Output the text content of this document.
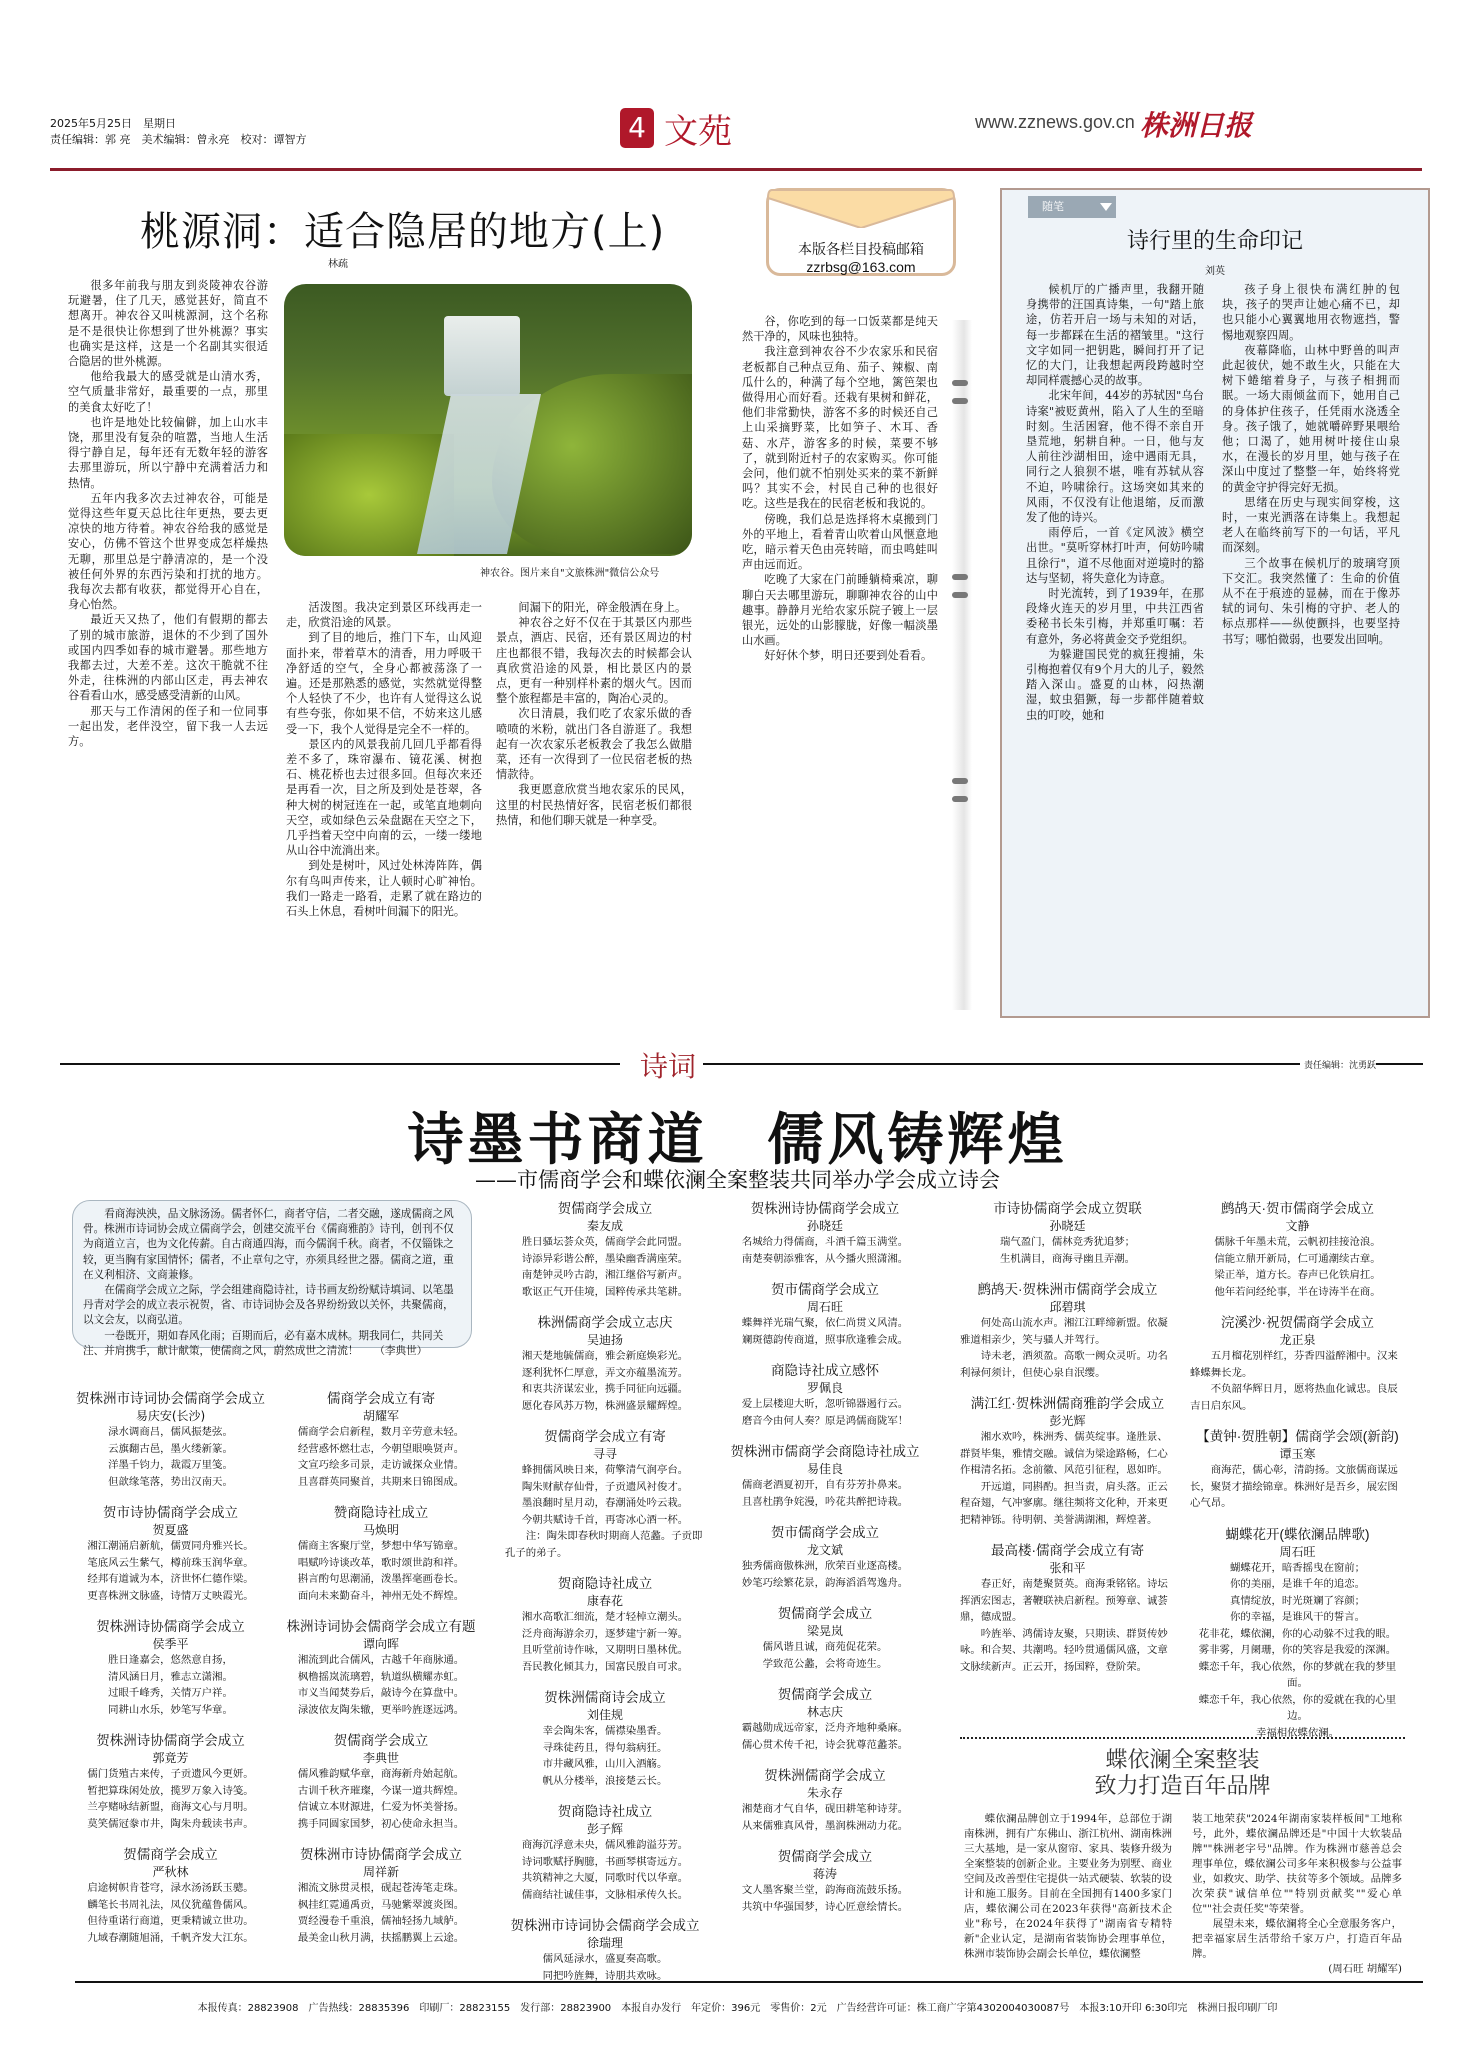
2025年5月25日　星期日
责任编辑：郭 亮　美术编辑：曾永亮　校对：谭智方	4 文苑	www.zznews.gov.cn 株洲日报
桃源洞：适合隐居的地方(上)
林疏

很多年前我与朋友到炎陵神农谷游玩避暑，住了几天，感觉甚好，简直不想离开。神农谷又叫桃源洞，这个名称是不是很快让你想到了世外桃源？事实也确实是这样，这是一个名副其实很适合隐居的世外桃源。

他给我最大的感受就是山清水秀，空气质量非常好，最重要的一点，那里的美食太好吃了！

也许是地处比较偏僻，加上山水丰饶，那里没有复杂的喧嚣，当地人生活得宁静自足，每年还有无数年轻的游客去那里游玩，所以宁静中充满着活力和热情。

五年内我多次去过神农谷，可能是觉得这些年夏天总比往年更热，要去更凉快的地方待着。神农谷给我的感觉是安心，仿佛不管这个世界变成怎样燥热无聊，那里总是宁静清凉的，是一个没被任何外界的东西污染和打扰的地方。我每次去都有收获，都觉得开心自在，身心怡然。

最近天又热了，他们有假期的都去了别的城市旅游，退休的不少到了国外或国内四季如春的城市避暑。那些地方我都去过，大差不差。这次干脆就不往外走，往株洲的内部山区走，再去神农谷看看山水，感受感受清新的山风。

那天与工作清闲的侄子和一位同事一起出发，老伴没空，留下我一人去远方。

神农谷。图片来自"文旅株洲"微信公众号

活泼图。我决定到景区环线再走一走，欣赏沿途的风景。

到了目的地后，推门下车，山风迎面扑来，带着草木的清香，用力呼吸干净舒适的空气，全身心都被荡涤了一遍。还是那熟悉的感觉，实然就觉得整个人轻快了不少，也许有人觉得这么说有些夸张，你如果不信，不妨来这儿感受一下，我个人觉得是完全不一样的。

景区内的风景我前几回几乎都看得差不多了，珠帘瀑布、镜花溪、树抱石、桃花桥也去过很多回。但每次来还是再看一次，目之所及到处是苍翠，各种大树的树冠连在一起，或笔直地刺向天空，或如绿色云朵盘踞在天空之下，几乎挡着天空中向南的云，一缕一缕地从山谷中流淌出来。

到处是树叶，风过处林涛阵阵，偶尔有鸟叫声传来，让人顿时心旷神怡。我们一路走一路看，走累了就在路边的石头上休息，看树叶间漏下的阳光。

间漏下的阳光，碎金般洒在身上。

神农谷之好不仅在于其景区内那些景点，酒店、民宿，还有景区周边的村庄也都很不错，我每次去的时候都会认真欣赏沿途的风景，相比景区内的景点，更有一种别样朴素的烟火气。因而整个旅程都是丰富的，陶冶心灵的。

次日清晨，我们吃了农家乐做的香喷喷的米粉，就出门各自游逛了。我想起有一次农家乐老板教会了我怎么做腊菜，还有一次得到了一位民宿老板的热情款待。

我更愿意欣赏当地农家乐的民风，这里的村民热情好客，民宿老板们都很热情，和他们聊天就是一种享受。

谷，你吃到的每一口饭菜都是纯天然干净的，风味也独特。

我注意到神农谷不少农家乐和民宿老板都自己种点豆角、茄子、辣椒、南瓜什么的，种满了每个空地，篱笆架也做得用心而好看。还栽有果树和鲜花，他们非常勤快，游客不多的时候还自己上山采摘野菜，比如笋子、木耳、香菇、水芹，游客多的时候，菜要不够了，就到附近村子的农家购买。你可能会问，他们就不怕别处买来的菜不新鲜吗？其实不会，村民自己种的也很好吃。这些是我在的民宿老板和我说的。

傍晚，我们总是选择将木桌搬到门外的平地上，看着青山吹着山风惬意地吃，暗示着天色由亮转暗，而虫鸣蛙叫声由远而近。

吃晚了大家在门前睡躺椅乘凉，聊聊白天去哪里游玩，聊聊神农谷的山中趣事。静静月光给农家乐院子镀上一层银光，远处的山影朦胧，好像一幅淡墨山水画。

好好休个梦，明日还要到处看看。

本版各栏目投稿邮箱
zzrbsg@163.com
随笔
诗行里的生命印记
刘英

候机厅的广播声里，我翻开随身携带的汪国真诗集，一句"踏上旅途，仿若开启一场与未知的对话，每一步都踩在生活的褶皱里。"这行文字如同一把钥匙，瞬间打开了记忆的大门，让我想起两段跨越时空却同样震撼心灵的故事。

北宋年间，44岁的苏轼因"乌台诗案"被贬黄州，陷入了人生的至暗时刻。生活困窘，他不得不亲自开垦荒地，躬耕自种。一日，他与友人前往沙湖相田，途中遇雨无具，同行之人狼狈不堪，唯有苏轼从容不迫，吟啸徐行。这场突如其来的风雨，不仅没有让他退缩，反而激发了他的诗兴。

雨停后，一首《定风波》横空出世。"莫听穿林打叶声，何妨吟啸且徐行"，道不尽他面对逆境时的豁达与坚韧，将失意化为诗意。

时光流转，到了1939年，在那段烽火连天的岁月里，中共江西省委秘书长朱引梅，并郑重叮嘱：若有意外，务必将黄金交予党组织。

为躲避国民党的疯狂搜捕，朱引梅抱着仅有9个月大的儿子，毅然踏入深山。盛夏的山林，闷热潮湿，蚊虫猖獗，每一步都伴随着蚊虫的叮咬，她和

孩子身上很快布满红肿的包块，孩子的哭声让她心痛不已，却也只能小心翼翼地用衣物遮挡，警惕地观察四周。

夜幕降临，山林中野兽的叫声此起彼伏，她不敢生火，只能在大树下蜷缩着身子，与孩子相拥而眠。一场大雨倾盆而下，她用自己的身体护住孩子，任凭雨水浇透全身。孩子饿了，她就嚼碎野果喂给他；口渴了，她用树叶接住山泉水，在漫长的岁月里，她与孩子在深山中度过了整整一年，始终将党的黄金守护得完好无损。

思绪在历史与现实间穿梭，这时，一束光洒落在诗集上。我想起老人在临终前写下的一句话，平凡而深刻。

三个故事在候机厅的玻璃穹顶下交汇。我突然懂了：生命的价值从不在于痕迹的显赫，而在于像苏轼的词句、朱引梅的守护、老人的标点那样——纵使颤抖，也要坚持书写；哪怕微弱，也要发出回响。

诗词	责任编辑：沈勇跃
诗墨书商道　儒风铸辉煌
——市儒商学会和蝶依澜全案整装共同举办学会成立诗会

看商海泱泱，品文脉汤汤。儒者怀仁，商者守信，二者交融，遂成儒商之风骨。株洲市诗词协会成立儒商学会，创建交流平台《儒商雅韵》诗刊，创刊不仅为商道立言，也为文化传薪。自古商通四海，而今儒润千秋。商者，不仅锱铢之较，更当胸有家国情怀；儒者，不止章句之守，亦须具经世之器。儒商之道，重在义利相济、文商兼修。

在儒商学会成立之际，学会组建商隐诗社，诗书画友纷纷赋诗填词、以笔墨丹青对学会的成立表示祝贺，省、市诗词协会及各界纷纷致以关怀，共聚儒商，以文会友，以商弘道。

一卷既开，期如春风化雨；百期而后，必有嘉木成林。期我同仁，共同关注、并肩携手，献计献策，使儒商之风，蔚然成世之清流！　　（李典世）

贺株洲市诗词协会儒商学会成立
易庆安(长沙)
渌水调商吕，儒风振楚弦。
云旗翻古邑，墨火缕新篆。
洋墨千钧力，裁霞万里笺。
但歆缘笔落，势出汉南天。
贺市诗协儒商学会成立
贺夏盛
湘江潮涌启新航，儒贾同舟雅兴长。
笔底风云生紫气，樽前珠玉润华章。
经邦有道诚为本，济世怀仁德作梁。
更喜株洲文脉盛，诗情万丈映霞光。
贺株洲诗协儒商学会成立
侯季平
胜日逢嘉会，悠然意自扬，
清风涵日月，雅志立潇湘。
过眼千峰秀，关情万户祥。
同耕山水乐，妙笔写华章。
贺株洲诗协儒商学会成立
郭竟芳
儒门货殖古来传，子贡遗风今更妍。
暂把算珠闲处放，揽罗万象入诗笺。
兰亭赌咏结新盟，商海文心与月明。
莫笑儒冠豢市井，陶朱舟载读书声。
贺儒商学会成立
严秋林
启途树帜肯苍穹，渌水汤汤跃玉骢。
麟笔长书周礼法，凤仪犹蕴鲁儒风。
但待重诺行商道，更秉精诚立世功。
九域春潮随旭涌，千帆齐发大江东。
儒商学会成立有寄
胡耀军
儒商学会启新程，数月辛劳意未轻。
经营惑怀燃壮志，今朝望眼唤贤声。
文宣巧绘多司景，走访诚探众业情。
且喜群英同聚首，共期来日锦图成。
赞商隐诗社成立
马焕明
儒商主客聚厅堂，梦想中华写锦章。
唱赋吟诗谈改革，歌时颂世韵和祥。
斟言酌句思潮涌，泼墨挥毫画卷长。
面向未来勤奋斗，神州无处不辉煌。
株洲诗词协会儒商学会成立有题
谭向晖
湘流到此合儒风，古越千年商脉通。
枫橹摇岚流璃碧，轨道纵横耀赤虹。
市义当闻焚券后，敲诗今在算盘中。
渌波依友陶朱辙，更举吟旌逐远鸿。
贺儒商学会成立
李典世
儒风雅韵赋华章，商海新舟始起航。
古训千秋齐璀璨，今谋一道共辉煌。
信诚立本财源进，仁爱为怀美誉扬。
携手同圆家国梦，初心使命永担当。
贺株洲市诗协儒商学会成立
周祥新
湘流文脉贯灵根，砚起苍涛笔走珠。
枫挂红霓通禹贡，马驰紫翠渡炎图。
贾经漫卷千重浪，儒袖轻扬九域舻。
最美金山秋月满，扶摇鹏翼上云途。
贺儒商学会成立
秦友成
胜日骚坛荟众英，儒商学会此同盟。
诗添异彩谐公醉，墨染幽香满座荣。
南楚钟灵吟古韵，湘江继俗写新声。
歌讴正气开佳境，国粹传承共笔耕。
株洲儒商学会成立志庆
吴迪扬
湘天楚地毓儒商，雅会新庭焕彩光。
逐利犹怀仁厚意，弄文亦蕴墨流芳。
和衷共济谋宏业，携手同征向远疆。
愿化春风苏万物，株洲盛景耀辉煌。
贺儒商学会成立有寄
寻寻
蜂拥儒风映日来，荷擎清气润亭台。
陶朱财献存仙骨，子贡遗风衬俊才。
墨浪翻时星月动，春潮涌处吟云栽。
今朝共赋诗千首，再寄冰心酒一杯。
注：陶朱即春秋时期商人范蠡。子贡即孔子的弟子。
贺商隐诗社成立
康春花
湘水高歌汇细流，楚才轻棹立潮头。
泛舟商海游余刃，逐梦建宁新一筹。
且听堂前诗作咏，又期明日墨林优。
吾民教化倾其力，国富民殷自可求。
贺株洲儒商诗会成立
刘佳规
幸会陶朱客，儒襟染墨香。
寻珠徒药且，得句翁病狂。
市井藏风雅，山川入酒觞。
帆从分楼举，浪接楚云长。
贺商隐诗社成立
彭子辉
商海沉浮意未央，儒风雅韵溢芬芳。
诗词歌赋抒胸臆，书画琴棋寄远方。
共筑精神之大厦，同歌时代以华章。
儒商结社诚佳事，文脉相承传久长。
贺株洲市诗词协会儒商学会成立
徐瑞理
儒风延渌水，盛夏奏高歌。
同把吟旌舞，诗朋共欢咏。
贺株洲诗协儒商学会成立
孙晓廷
名城给力得儒商，斗酒千篇玉满堂。
南楚奏朝添雅客，从今播火照潇湘。
贺市儒商学会成立
周石旺
蝶舞祥光瑞气聚，依仁尚贯义风清。
斓斑德韵传商道，照事欣逢雅会成。
商隐诗社成立感怀
罗佩良
爱上层楼迎大昕，忽听锦器遏行云。
磨音今由何人奏？原是鸿儒商陇军！
贺株洲市儒商学会商隐诗社成立
易佳良
儒商老酒夏初开，自有芬芳扑鼻来。
且喜杜鹃争姹漫，吟花共醉把诗栽。
贺市儒商学会成立
龙文斌
独秀儒商傲株洲，欣荣百业逐高楼。
妙笔巧绘繁花景，韵海滔滔驾逸舟。
贺儒商学会成立
梁晃岚
儒风谐且诚，商苑促花荣。
学致范公蠡，会将奇迹生。
贺儒商学会成立
林志庆
霸越勋成远帝家，泛舟齐地种桑麻。
儒心贯术传千祀，诗会犹尊范蠡茶。
贺株洲儒商学会成立
朱永存
湘楚商才气自华，砚田耕笔种诗芽。
从来儒雅真风骨，墨润株洲动力花。
贺儒商学会成立
蒋涛
文人墨客聚兰堂，韵海商流鼓乐扬。
共筑中华强国梦，诗心匠意绘情长。
市诗协儒商学会成立贺联
孙晓廷
瑞气盈门，儒林竞秀犹追梦；
生机满目，商海寻幽且弄潮。
鹧鸪天·贺株洲市儒商学会成立
邱碧琪
何处高山流水声。湘江江畔缔新盟。依凝雅道相亲少，笑与骚人并驾行。
诗未老，酒须盈。高歌一阙众灵听。功名利禄何须计，但使心泉自泯缨。
满江红·贺株洲儒商雅韵学会成立
彭光辉
湘水欢吟，株洲秀、儒英绽事。逢胜景、群贤毕集，雅情交融。诚信为梁途路畅，仁心作楫清名拓。念前徽、风范引征程，恩如昨。
开远道，同斟酌。担当责，肩头落。正云程奋翅，气冲寥廓。继往频将文化种，开来更把精神铄。待明朝、美誉满湖湘，辉煌著。
最高楼·儒商学会成立有寄
张和平
春正好，南楚聚贤英。商海秉铭铭。诗坛挥洒宏图志，著鞭联袂启新程。预筹章、诚荟鼎，德成盟。
吟旌举、鸿儒诗友聚，只期读、群贤传妙咏。和合契、共潮鸣。轻吟贯通儒风盛，文章文脉续新声。正云开，扬国粹，登阶荣。
鹧鸪天·贺市儒商学会成立
文静
儒脉千年墨未荒，云帆初挂接沧浪。
信能立鼎开新局，仁可通潮续古章。
梁正举，道方长。春声已化铁肩扛。
他年若问经纶事，半在诗涛半在商。
浣溪沙·祝贺儒商学会成立
龙正泉
五月榴花别样红，芬香四溢醉湘中。汉来蜂蝶舞长龙。
不负韶华辉日月，愿将热血化诚忠。良辰吉日启东风。
【黄钟·贺胜朝】儒商学会颂(新韵)
谭玉寒
商海茫，儒心彰，清韵扬。文旅儒商谋远长，聚贤才描绘锦章。株洲好是吾乡，展宏图心气昂。
蝴蝶花开(蝶依澜品牌歌)
周石旺
蝴蝶花开，暗香摇曳在窗前；
你的美丽，是谁千年的追恋。
真情绽放，时光斑斓了容颜；
你的幸福，是谁风干的誓言。
花非花，蝶依澜，你的心动躲不过我的眼。
雾非雾，月阑珊，你的笑容是我爱的深渊。
蝶恋千年，我心依然，你的梦就在我的梦里面。
蝶恋千年，我心依然，你的爱就在我的心里边。
幸福相依蝶依澜。
蝶依澜全案整装
致力打造百年品牌

蝶依澜品牌创立于1994年，总部位于湖南株洲，拥有广东佛山、浙江杭州、湖南株洲三大基地，是一家从窗帘、家具、装修升级为全案整装的创新企业。主要业务为别墅、商业空间及改善型住宅提供一站式硬装、软装的设计和施工服务。目前在全国拥有1400多家门店，蝶依澜公司在2023年获得"高新技术企业"称号，在2024年获得了"湖南省专精特新"企业认定，是湖南省装饰协会理事单位，株洲市装饰协会副会长单位，蝶依澜整

装工地荣获"2024年湖南家装样板间"工地称号，此外，蝶依澜品牌还是"中国十大软装品牌""株洲老字号"品牌。作为株洲市慈善总会理事单位，蝶依澜公司多年来积极参与公益事业，如救灾、助学、扶贫等多个领域。品牌多次荣获"诚信单位""特别贡献奖""爱心单位""社会责任奖"等荣誉。

展望未来，蝶依澜将全心全意服务客户，把幸福家居生活带给千家万户，打造百年品牌。

(周石旺 胡耀军)
本报传真：28823908　广告热线：28835396　印刷厂：28823155　发行部：28823900　本报自办发行　年定价：396元　零售价：2元　广告经营许可证：株工商广字第4302004030087号　本报3:10开印 6:30印完　株洲日报印刷厂印
